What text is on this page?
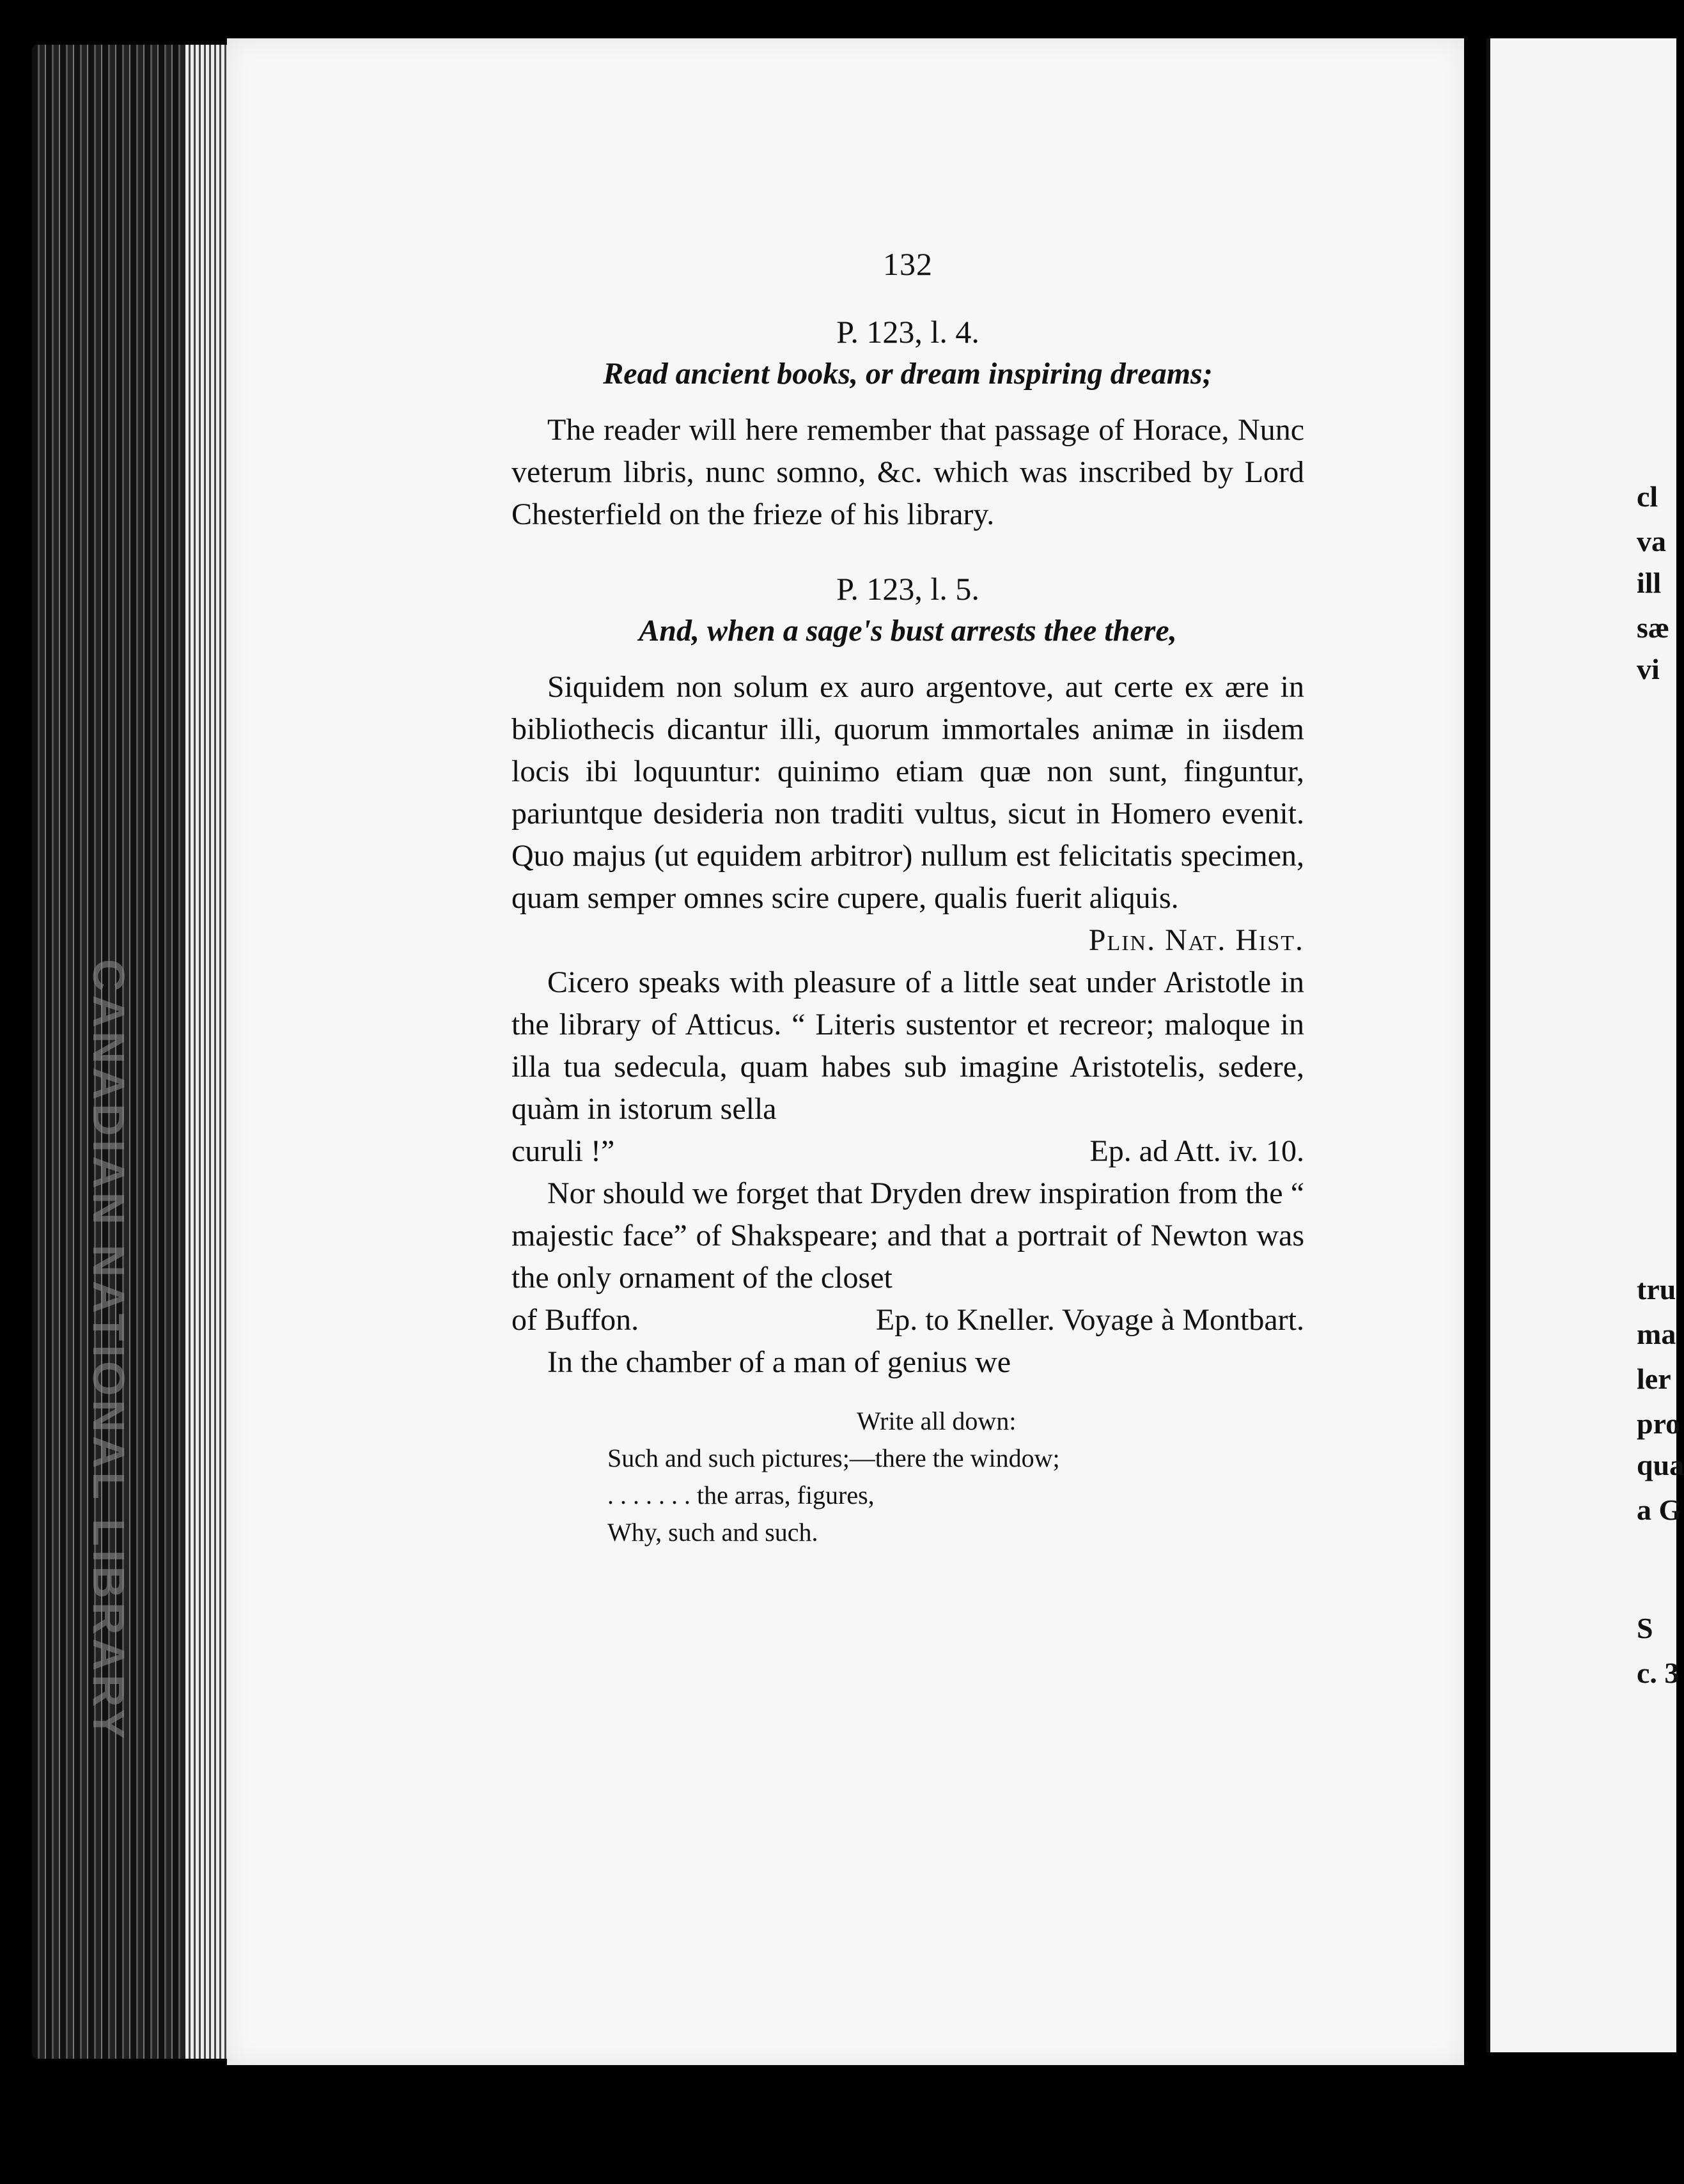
CANADIAN NATIONAL LIBRARY
cl
va
ill
sæ
vi
tru
ma
ler
pro
qua
a G
S
c. 3
132
P. 123, l. 4.
Read ancient books, or dream inspiring dreams;

The reader will here remember that passage of Horace, Nunc veterum libris, nunc somno, &c. which was inscribed by Lord Chesterfield on the frieze of his library.

P. 123, l. 5.
And, when a sage's bust arrests thee there,

Siquidem non solum ex auro argentove, aut certe ex ære in bibliothecis dicantur illi, quorum immortales animæ in iisdem locis ibi loquuntur: quinimo etiam quæ non sunt, finguntur, pariuntque desideria non traditi vultus, sicut in Homero evenit. Quo majus (ut equidem arbitror) nullum est felicitatis specimen, quam semper omnes scire cupere, qualis fuerit aliquis.

Plin. Nat. Hist.

Cicero speaks with pleasure of a little seat under Aristotle in the library of Atticus. “ Literis sustentor et recreor; maloque in illa tua sedecula, quam habes sub imagine Aristotelis, sedere, quàm in istorum sella

curuli !”	Ep. ad Att. iv. 10.

Nor should we forget that Dryden drew inspiration from the “ majestic face” of Shakspeare; and that a portrait of Newton was the only ornament of the closet

of Buffon.	Ep. to Kneller. Voyage à Montbart.

In the chamber of a man of genius we

Write all down:
Such and such pictures;—there the window;
. . . . . . . the arras, figures,
Why, such and such.
